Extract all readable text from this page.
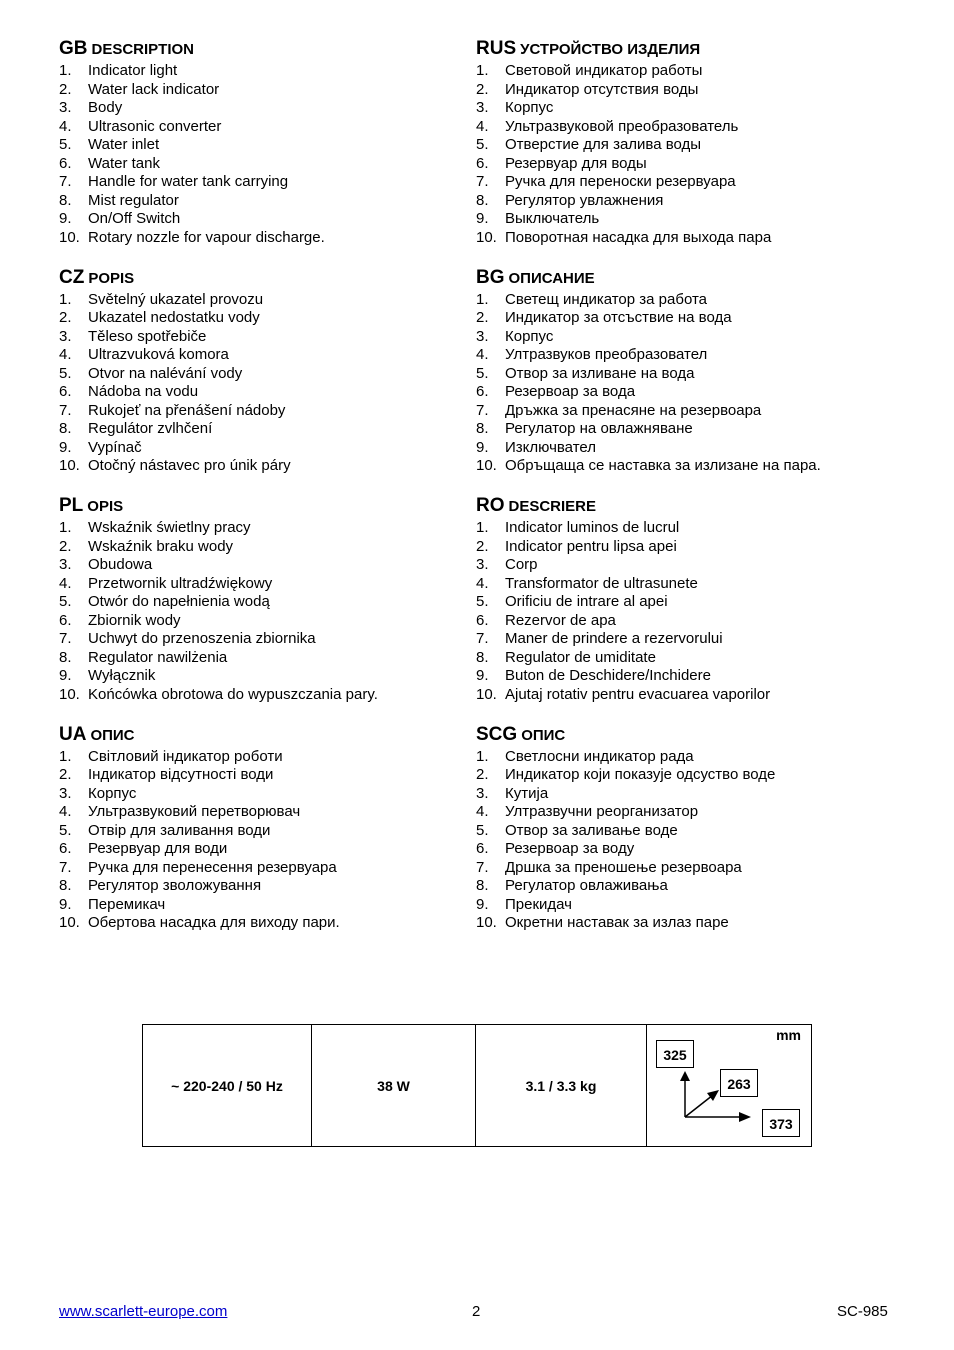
GB DESCRIPTION
1. Indicator light
2. Water lack indicator
3. Body
4. Ultrasonic converter
5. Water inlet
6. Water tank
7. Handle for water tank carrying
8. Mist regulator
9. On/Off Switch
10. Rotary nozzle for vapour discharge.
CZ POPIS
1. Světelný ukazatel provozu
2. Ukazatel nedostatku vody
3. Těleso spotřebiče
4. Ultrazvuková komora
5. Otvor na nalévání vody
6. Nádoba na vodu
7. Rukojeť na přenášení nádoby
8. Regulátor zvlhčení
9. Vypínač
10. Otočný nástavec pro únik páry
PL OPIS
1. Wskaźnik świetlny pracy
2. Wskaźnik braku wody
3. Obudowa
4. Przetwornik ultradźwiękowy
5. Otwór do napełnienia wodą
6. Zbiornik wody
7. Uchwyt do przenoszenia zbiornika
8. Regulator nawilżenia
9. Wyłącznik
10. Końcówka obrotowa do wypuszczania pary.
UA ОПИС
1. Світловий індикатор роботи
2. Індикатор відсутності води
3. Корпус
4. Ультразвуковий перетворювач
5. Отвір для заливання води
6. Резервуар для води
7. Ручка для перенесення резервуара
8. Регулятор зволожування
9. Перемикач
10. Обертова насадка для виходу пари.
RUS УСТРОЙСТВО ИЗДЕЛИЯ
1. Световой индикатор работы
2. Индикатор отсутствия воды
3. Корпус
4. Ультразвуковой преобразователь
5. Отверстие для залива воды
6. Резервуар для воды
7. Ручка для переноски резервуара
8. Регулятор увлажнения
9. Выключатель
10. Поворотная насадка для выхода пара
BG ОПИСАНИЕ
1. Светещ индикатор за работа
2. Индикатор за отсъствие на вода
3. Корпус
4. Ултразвуков преобразовател
5. Отвор за изливане на вода
6. Резервоар за вода
7. Дръжка за пренасяне на резервоара
8. Регулатор на овлажняване
9. Изключвател
10. Обръщаща се наставка за излизане на пара.
RO DESCRIERE
1. Indicator luminos de lucrul
2. Indicator pentru lipsa apei
3. Corp
4. Transformator de ultrasunete
5. Orificiu de intrare al apei
6. Rezervor de apa
7. Maner de prindere a rezervorului
8. Regulator de umiditate
9. Buton de Deschidere/Inchidere
10. Ajutaj rotativ pentru evacuarea vaporilor
SCG ОПИС
1. Светлосни индикатор рада
2. Индикатор који показује одсуство воде
3. Кутија
4. Ултразвучни реорганизатор
5. Отвор за заливање воде
6. Резервоар за воду
7. Дршка за преношење резервоара
8. Регулатор овлаживања
9. Прекидач
10. Окретни наставак за излаз паре
~ 220-240 / 50 Hz	38 W	3.1 / 3.3 kg
mm
325
263
373
www.scarlett-europe.com	2	SC-985
